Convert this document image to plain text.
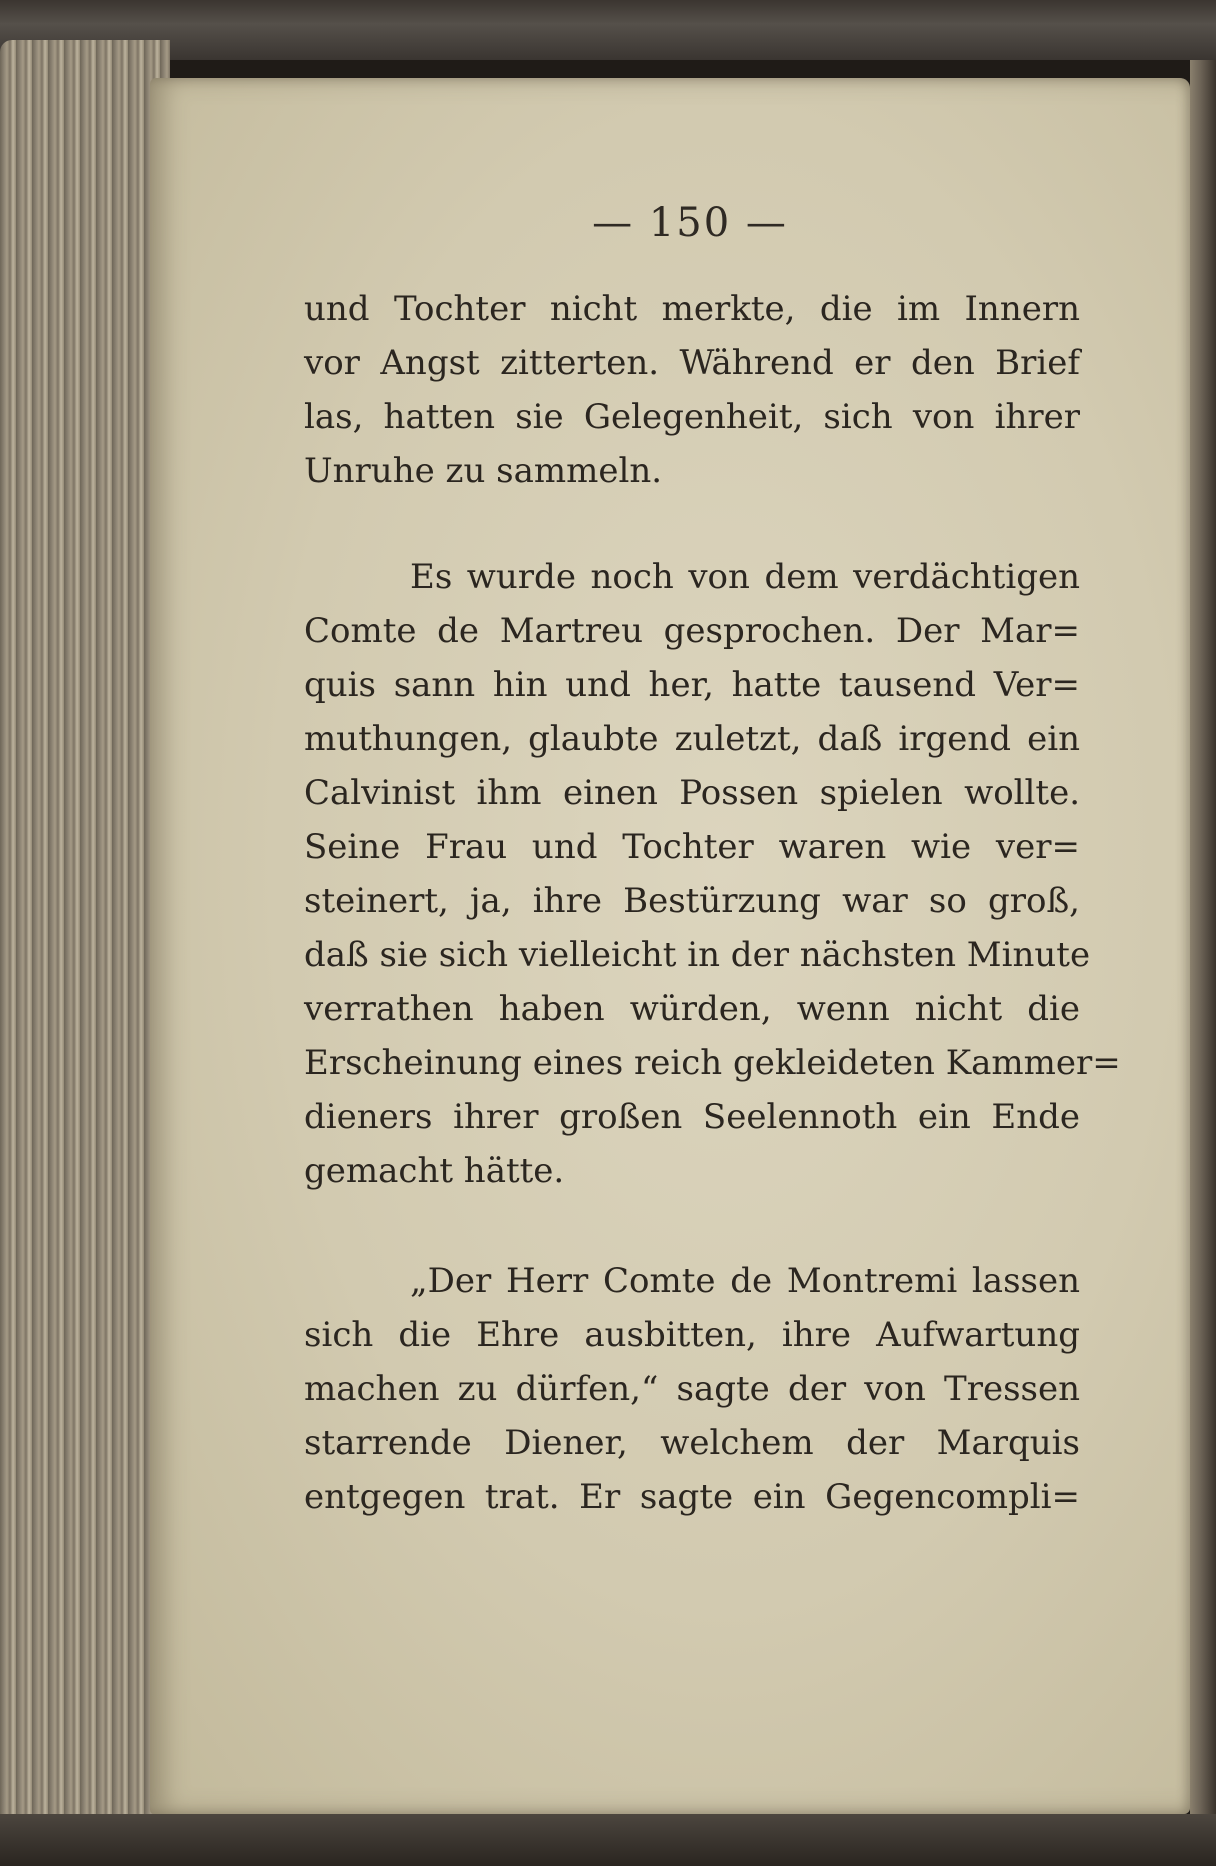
— 150 —
und Tochter nicht merkte, die im Innern
vor Angst zitterten. Während er den Brief
las, hatten sie Gelegenheit, sich von ihrer
Unruhe zu sammeln.
Es wurde noch von dem verdächtigen
Comte de Martreu gesprochen. Der Mar=
quis sann hin und her, hatte tausend Ver=
muthungen, glaubte zuletzt, daß irgend ein
Calvinist ihm einen Possen spielen wollte.
Seine Frau und Tochter waren wie ver=
steinert, ja, ihre Bestürzung war so groß,
daß sie sich vielleicht in der nächsten Minute
verrathen haben würden, wenn nicht die
Erscheinung eines reich gekleideten Kammer=
dieners ihrer großen Seelennoth ein Ende
gemacht hätte.
„Der Herr Comte de Montremi lassen
sich die Ehre ausbitten, ihre Aufwartung
machen zu dürfen,“ sagte der von Tressen
starrende Diener, welchem der Marquis
entgegen trat. Er sagte ein Gegencompli=
